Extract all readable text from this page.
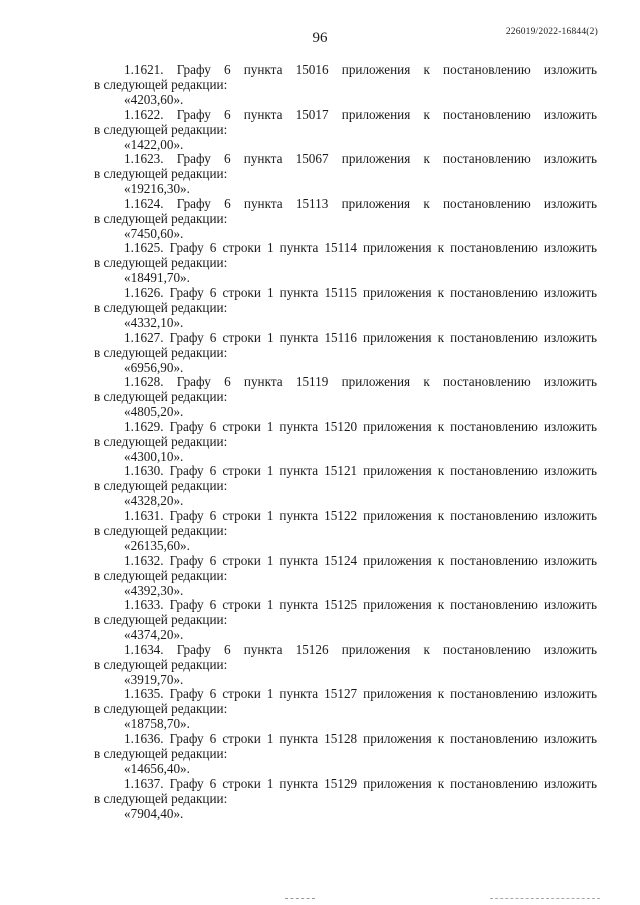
96	226019/2022-16844(2)
1.1621. Графу 6 пункта 15016 приложения к постановлению изложить
в следующей редакции:
«4203,60».
1.1622. Графу 6 пункта 15017 приложения к постановлению изложить
в следующей редакции:
«1422,00».
1.1623. Графу 6 пункта 15067 приложения к постановлению изложить
в следующей редакции:
«19216,30».
1.1624. Графу 6 пункта 15113 приложения к постановлению изложить
в следующей редакции:
«7450,60».
1.1625. Графу 6 строки 1 пункта 15114 приложения к постановлению изложить
в следующей редакции:
«18491,70».
1.1626. Графу 6 строки 1 пункта 15115 приложения к постановлению изложить
в следующей редакции:
«4332,10».
1.1627. Графу 6 строки 1 пункта 15116 приложения к постановлению изложить
в следующей редакции:
«6956,90».
1.1628. Графу 6 пункта 15119 приложения к постановлению изложить
в следующей редакции:
«4805,20».
1.1629. Графу 6 строки 1 пункта 15120 приложения к постановлению изложить
в следующей редакции:
«4300,10».
1.1630. Графу 6 строки 1 пункта 15121 приложения к постановлению изложить
в следующей редакции:
«4328,20».
1.1631. Графу 6 строки 1 пункта 15122 приложения к постановлению изложить
в следующей редакции:
«26135,60».
1.1632. Графу 6 строки 1 пункта 15124 приложения к постановлению изложить
в следующей редакции:
«4392,30».
1.1633. Графу 6 строки 1 пункта 15125 приложения к постановлению изложить
в следующей редакции:
«4374,20».
1.1634. Графу 6 пункта 15126 приложения к постановлению изложить
в следующей редакции:
«3919,70».
1.1635. Графу 6 строки 1 пункта 15127 приложения к постановлению изложить
в следующей редакции:
«18758,70».
1.1636. Графу 6 строки 1 пункта 15128 приложения к постановлению изложить
в следующей редакции:
«14656,40».
1.1637. Графу 6 строки 1 пункта 15129 приложения к постановлению изложить
в следующей редакции:
«7904,40».
